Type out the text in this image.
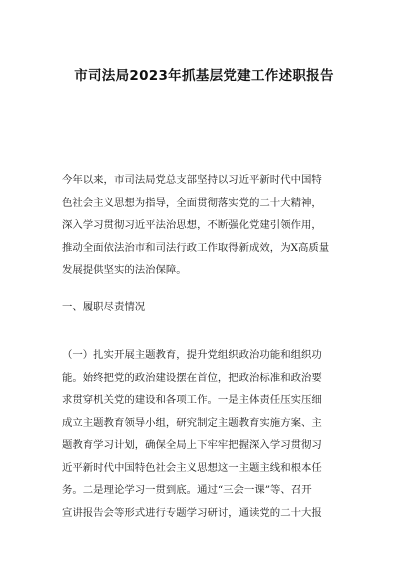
市司法局2023年抓基层党建工作述职报告
今年以来，市司法局党总支部坚持以习近平新时代中国特
色社会主义思想为指导，全面贯彻落实党的二十大精神，
深入学习贯彻习近平法治思想，不断强化党建引领作用，
推动全面依法治市和司法行政工作取得新成效，为X高质量
发展提供坚实的法治保障。
一、履职尽责情况
（一）扎实开展主题教育，提升党组织政治功能和组织功
能。始终把党的政治建设摆在首位，把政治标准和政治要
求贯穿机关党的建设和各项工作。一是主体责任压实压细
成立主题教育领导小组，研究制定主题教育实施方案、主
题教育学习计划，确保全局上下牢牢把握深入学习贯彻习
近平新时代中国特色社会主义思想这一主题主线和根本任
务。二是理论学习一贯到底。通过“三会一课”等、召开
宣讲报告会等形式进行专题学习研讨，通读党的二十大报
